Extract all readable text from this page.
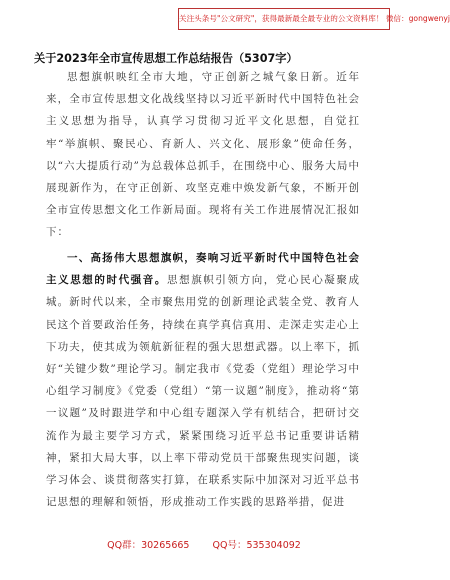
关注头条号"公文研究"，获得最新最全最专业的公文资料库！ 微信：gongwenyj
关于2023年全市宣传思想工作总结报告（5307字）
思想旗帜映红全市大地，守正创新之城气象日新。近年来，全市宣传思想文化战线坚持以习近平新时代中国特色社会主义思想为指导，认真学习贯彻习近平文化思想，自觉扛牢“举旗帜、聚民心、育新人、兴文化、展形象”使命任务，以“六大提质行动”为总载体总抓手，在围绕中心、服务大局中展现新作为，在守正创新、攻坚克难中焕发新气象，不断开创全市宣传思想文化工作新局面。现将有关工作进展情况汇报如下：
一、高扬伟大思想旗帜，奏响习近平新时代中国特色社会主义思想的时代强音。思想旗帜引领方向，党心民心凝聚成城。新时代以来，全市聚焦用党的创新理论武装全党、教育人民这个首要政治任务，持续在真学真信真用、走深走实走心上下功夫，使其成为领航新征程的强大思想武器。以上率下，抓好“关键少数”理论学习。制定我市《党委（党组）理论学习中心组学习制度》《党委（党组）“第一议题”制度》，推动将“第一议题”及时跟进学和中心组专题深入学有机结合，把研讨交流作为最主要学习方式，紧紧围绕习近平总书记重要讲话精神，紧扣大局大事，以上率下带动党员干部聚焦现实问题，谈学习体会、谈贯彻落实打算，在联系实际中加深对习近平总书记思想的理解和领悟，形成推动工作实践的思路举措，促进
QQ群：30265665 QQ号：535304092
